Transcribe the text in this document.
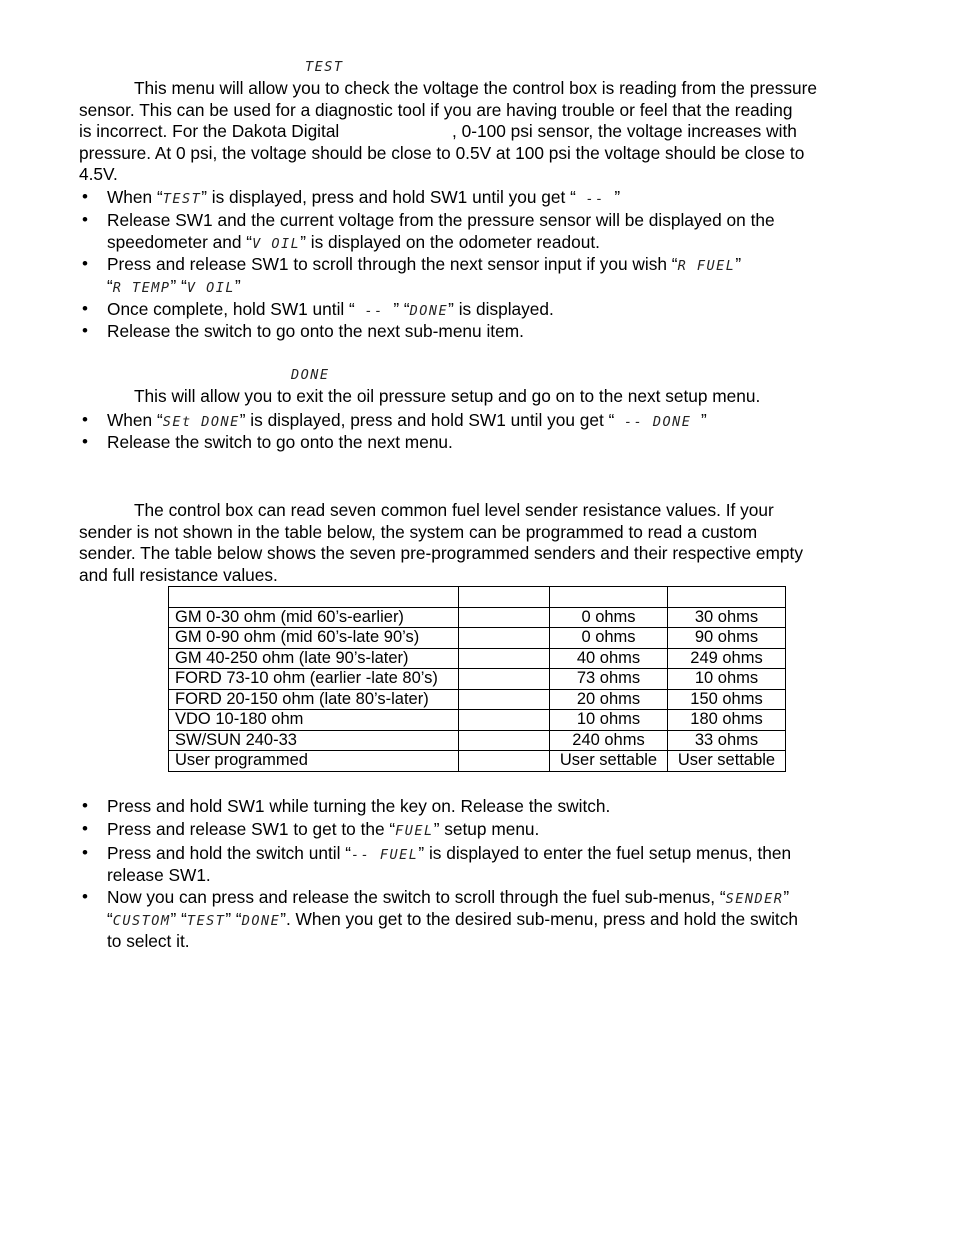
TEST
This menu will allow you to check the voltage the control box is reading from the pressure
sensor. This can be used for a diagnostic tool if you are having trouble or feel that the reading
is incorrect. For the Dakota Digital	, 0-100 psi sensor, the voltage increases with
pressure. At 0 psi, the voltage should be close to 0.5V at 100 psi the voltage should be close to
4.5V.
• When “TEST” is displayed, press and hold SW1 until you get “ -- ”
• Release SW1 and the current voltage from the pressure sensor will be displayed on the
speedometer and “V OIL” is displayed on the odometer readout.
• Press and release SW1 to scroll through the next sensor input if you wish “R FUEL”
“R TEMP” “V OIL”
• Once complete, hold SW1 until “ -- ” “DONE” is displayed.
• Release the switch to go onto the next sub-menu item.
DONE
This will allow you to exit the oil pressure setup and go on to the next setup menu.
• When “SEt DONE” is displayed, press and hold SW1 until you get “ -- DONE ”
• Release the switch to go onto the next menu.
The control box can read seven common fuel level sender resistance values. If your
sender is not shown in the table below, the system can be programmed to read a custom
sender. The table below shows the seven pre-programmed senders and their respective empty
and full resistance values.

GM 0-30 ohm (mid 60’s-earlier)		0 ohms	30 ohms
GM 0-90 ohm (mid 60’s-late 90’s)		0 ohms	90 ohms
GM 40-250 ohm (late 90’s-later)		40 ohms	249 ohms
FORD 73-10 ohm (earlier -late 80’s)		73 ohms	10 ohms
FORD 20-150 ohm (late 80’s-later)		20 ohms	150 ohms
VDO 10-180 ohm		10 ohms	180 ohms
SW/SUN 240-33		240 ohms	33 ohms
User programmed		User settable	User settable
• Press and hold SW1 while turning the key on. Release the switch.
• Press and release SW1 to get to the “FUEL” setup menu.
• Press and hold the switch until “-- FUEL” is displayed to enter the fuel setup menus, then
release SW1.
• Now you can press and release the switch to scroll through the fuel sub-menus, “SENDER”
“CUSTOM” “TEST” “DONE”. When you get to the desired sub-menu, press and hold the switch
to select it.
